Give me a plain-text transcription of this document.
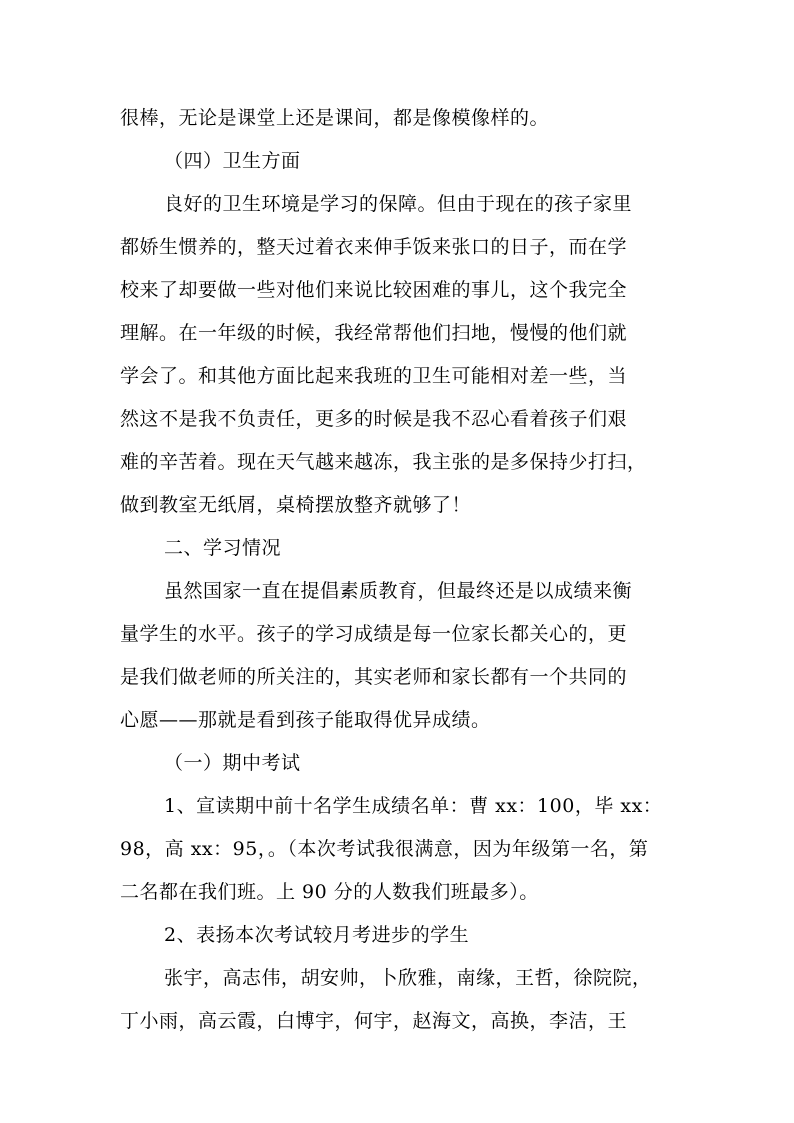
很棒，无论是课堂上还是课间，都是像模像样的。
（四）卫生方面
良好的卫生环境是学习的保障。但由于现在的孩子家里
都娇生惯养的，整天过着衣来伸手饭来张口的日子，而在学
校来了却要做一些对他们来说比较困难的事儿，这个我完全
理解。在一年级的时候，我经常帮他们扫地，慢慢的他们就
学会了。和其他方面比起来我班的卫生可能相对差一些，当
然这不是我不负责任，更多的时候是我不忍心看着孩子们艰
难的辛苦着。现在天气越来越冻，我主张的是多保持少打扫，
做到教室无纸屑，桌椅摆放整齐就够了！
二、学习情况
虽然国家一直在提倡素质教育，但最终还是以成绩来衡
量学生的水平。孩子的学习成绩是每一位家长都关心的，更
是我们做老师的所关注的，其实老师和家长都有一个共同的
心愿——那就是看到孩子能取得优异成绩。
（一）期中考试
1、宣读期中前十名学生成绩名单：曹 xx：100，毕 xx：
98，高 xx：95，。（本次考试我很满意，因为年级第一名，第
二名都在我们班。上 90 分的人数我们班最多）。
2、表扬本次考试较月考进步的学生
张宇，高志伟，胡安帅，卜欣雅，南缘，王哲，徐院院，
丁小雨，高云霞，白博宇，何宇，赵海文，高换，李洁，王
